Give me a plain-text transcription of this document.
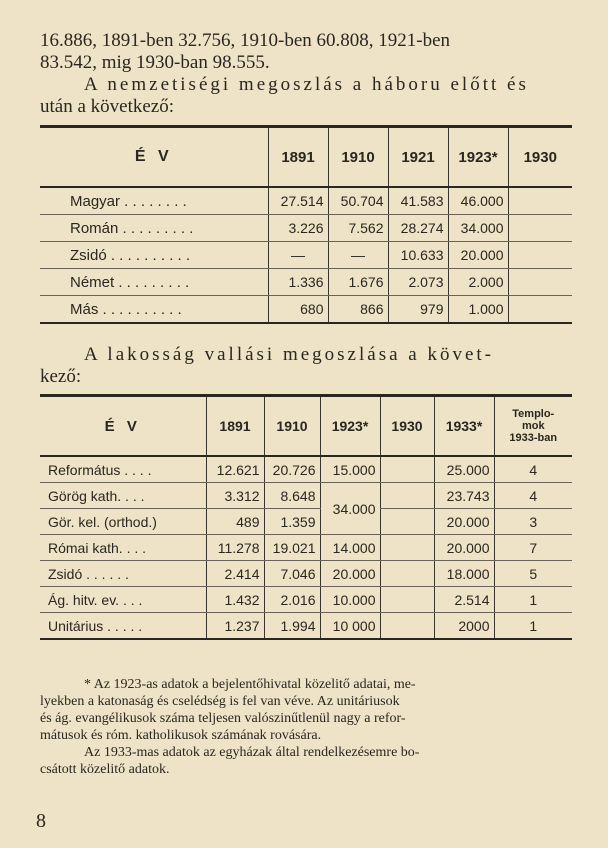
16.886, 1891-ben 32.756, 1910-ben 60.808, 1921-ben
83.542, mig 1930-ban 98.555.
A nemzetiségi megoszlás a háboru előtt és
után a következő:

É V	1891	1910	1921	1923*	1930
Magyar . . . . . . . .	27.514	50.704	41.583	46.000	
Román . . . . . . . . .	3.226	7.562	28.274	34.000	
Zsidó . . . . . . . . . .	—	—	10.633	20.000	
Német . . . . . . . . .	1.336	1.676	2.073	2.000	
Más . . . . . . . . . .	680	866	979	1.000	

A lakosság vallási megoszlása a követ-
kező:

É V	1891	1910	1923*	1930	1933*	Templo-
mok
1933-ban

Református . . . .	12.621	20.726	15.000		25.000	4
Görög kath. . . .	3.312	8.648	34.000		23.743	4
Gör. kel. (orthod.)	489	1.359			20.000	3
Római kath. . . .	11.278	19.021	14.000		20.000	7
Zsidó . . . . . .	2.414	7.046	20.000		18.000	5
Ág. hitv. ev. . . .	1.432	2.016	10.000		2.514	1
Unitárius . . . . .	1.237	1.994	10 000		2000	1

* Az 1923-as adatok a bejelentőhivatal közelitő adatai, me-
lyekben a katonaság és cselédség is fel van véve. Az unitáriusok
és ág. evangélikusok száma teljesen valószinűtlenül nagy a refor-
mátusok és róm. katholikusok számának rovására.
Az 1933-mas adatok az egyházak által rendelkezésemre bo-
csátott közelitő adatok.

8
